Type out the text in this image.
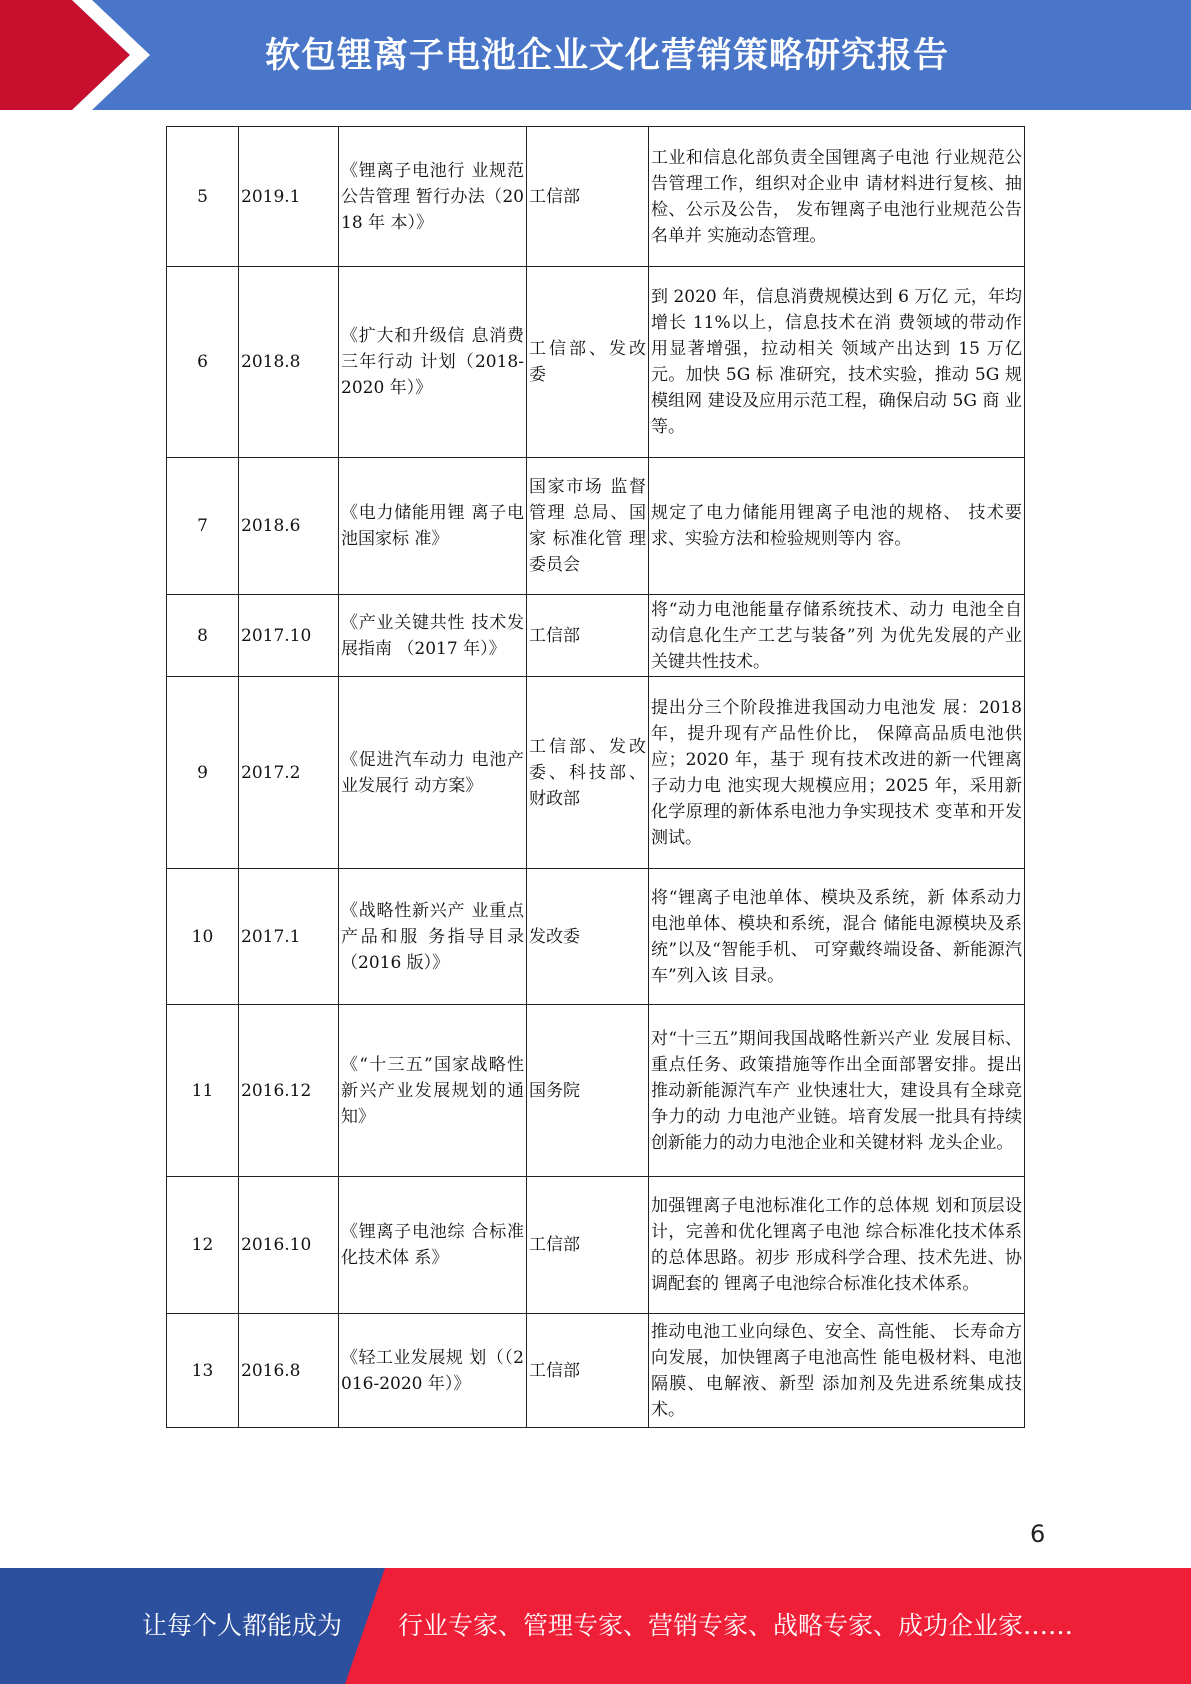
软包锂离子电池企业文化营销策略研究报告
5	2019.1	《锂离子电池行 业规范公告管理 暂行办法（2018 年 本）》	工信部	工业和信息化部负责全国锂离子电池 行业规范公告管理工作，组织对企业申 请材料进行复核、抽检、公示及公告， 发布锂离子电池行业规范公告名单并 实施动态管理。
6	2018.8	《扩大和升级信 息消费三年行动 计划（2018-2020 年）》	工信部、发改委	到 2020 年，信息消费规模达到 6 万亿 元，年均增长 11%以上，信息技术在消 费领域的带动作用显著增强，拉动相关 领域产出达到 15 万亿元。加快 5G 标 准研究，技术实验，推动 5G 规模组网 建设及应用示范工程，确保启动 5G 商 业等。
7	2018.6	《电力储能用锂 离子电池国家标 准》	国家市场 监督管理 总局、国家 标准化管 理委员会	规定了电力储能用锂离子电池的规格、 技术要求、实验方法和检验规则等内 容。
8	2017.10	《产业关键共性 技术发展指南 （2017 年）》	工信部	将“动力电池能量存储系统技术、动力 电池全自动信息化生产工艺与装备”列 为优先发展的产业关键共性技术。
9	2017.2	《促进汽车动力 电池产业发展行 动方案》	工信部、发改委、科技部、财政部	提出分三个阶段推进我国动力电池发 展：2018 年，提升现有产品性价比， 保障高品质电池供应；2020 年，基于 现有技术改进的新一代锂离子动力电 池实现大规模应用；2025 年，采用新 化学原理的新体系电池力争实现技术 变革和开发测试。
10	2017.1	《战略性新兴产 业重点产品和服 务指导目录（2016 版）》	发改委	将“锂离子电池单体、模块及系统，新 体系动力电池单体、模块和系统，混合 储能电源模块及系统”以及“智能手机、 可穿戴终端设备、新能源汽车”列入该 目录。
11	2016.12	《“十三五”国家战略性新兴产业发展规划的通知》	国务院	对“十三五”期间我国战略性新兴产业 发展目标、重点任务、政策措施等作出全面部署安排。提出推动新能源汽车产 业快速壮大，建设具有全球竞争力的动 力电池产业链。培育发展一批具有持续 创新能力的动力电池企业和关键材料 龙头企业。
12	2016.10	《锂离子电池综 合标准化技术体 系》	工信部	加强锂离子电池标准化工作的总体规 划和顶层设计，完善和优化锂离子电池 综合标准化技术体系的总体思路。初步 形成科学合理、技术先进、协调配套的 锂离子电池综合标准化技术体系。
13	2016.8	《轻工业发展规 划（（2016-2020 年）》	工信部	推动电池工业向绿色、安全、高性能、 长寿命方向发展，加快锂离子电池高性 能电极材料、电池隔膜、电解液、新型 添加剂及先进系统集成技术。
6
让每个人都能成为 行业专家、管理专家、营销专家、战略专家、成功企业家……
